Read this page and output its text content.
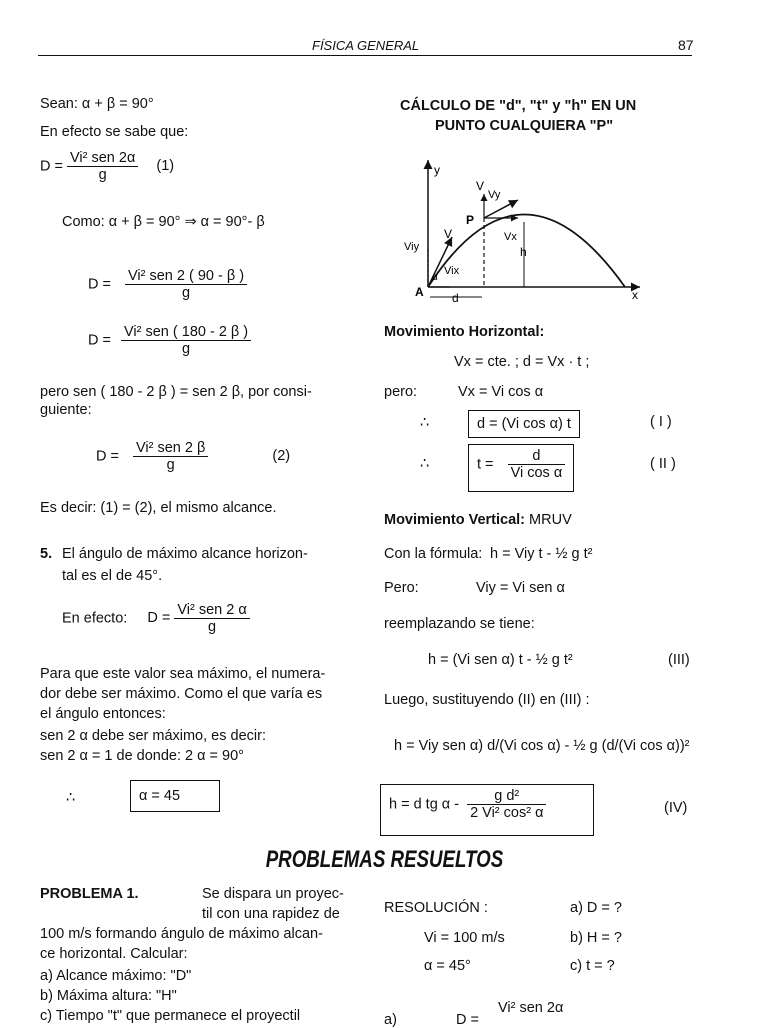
FÍSICA GENERAL	87
Sean: α + β = 90°
En efecto se sabe que:
$D = \frac{\text{Vi² sen 2α}}{g} (1)$
Como: α + β = 90° ⇒ α = 90°- β
$D = \frac{\text{Vi² sen 2 ( 90 - β )}}{g}$
$D = \frac{\text{Vi² sen ( 180 - 2 β )}}{g}$
pero sen ( 180 - 2 β ) = sen 2 β, por consi-
guiente:
$D = \frac{\text{Vi² sen 2 β}}{g}$	(2)
Es decir: (1) = (2), el mismo alcance.
5. El ángulo de máximo alcance horizon-
tal es el de 45°.
En efecto: $D = \frac{\text{Vi² sen 2 α}}{g}$
Para que este valor sea máximo, el numera-
dor debe ser máximo. Como el que varía es
el ángulo entonces:
sen 2 α debe ser máximo, es decir:
sen 2 α = 1 de donde: 2 α = 90°
∴	α = 45
CÁLCULO DE "d", "t" y "h" EN UN
PUNTO CUALQUIERA "P"
y
x
A
P
V
V
Viy
Vix
Vx
Vy
h
d
α
Movimiento Horizontal:
Vx = cte. ; d = Vx · t ;
pero:	Vx = Vi cos α
∴	d = (Vi cos α) t	( I )
∴	$t = \frac{d}{\text{Vi cos α}}$	( II )
Movimiento Vertical: MRUV
Con la fórmula: h = Viy t - ½ g t²
Pero:	Viy = Vi sen α
reemplazando se tiene:
h = (Vi sen α) t - ½ g t²	(III)
Luego, sustituyendo (II) en (III) :
h = Viy sen α) d/(Vi cos α) - ½ g (d/(Vi cos α))²
h = d tg α - $\frac{\text{g d²}}{\text{2 Vi² cos² α}}$	(IV)
PROBLEMAS RESUELTOS
PROBLEMA 1.	Se dispara un proyec-
til con una rapidez de
100 m/s formando ángulo de máximo alcan-
ce horizontal. Calcular:
a) Alcance máximo: "D"
b) Máxima altura: "H"
c) Tiempo "t" que permanece el proyectil
RESOLUCIÓN :	a) D = ?
Vi = 100 m/s	b) H = ?
α = 45°	c) t = ?
a)	D =
Vi² sen 2α
